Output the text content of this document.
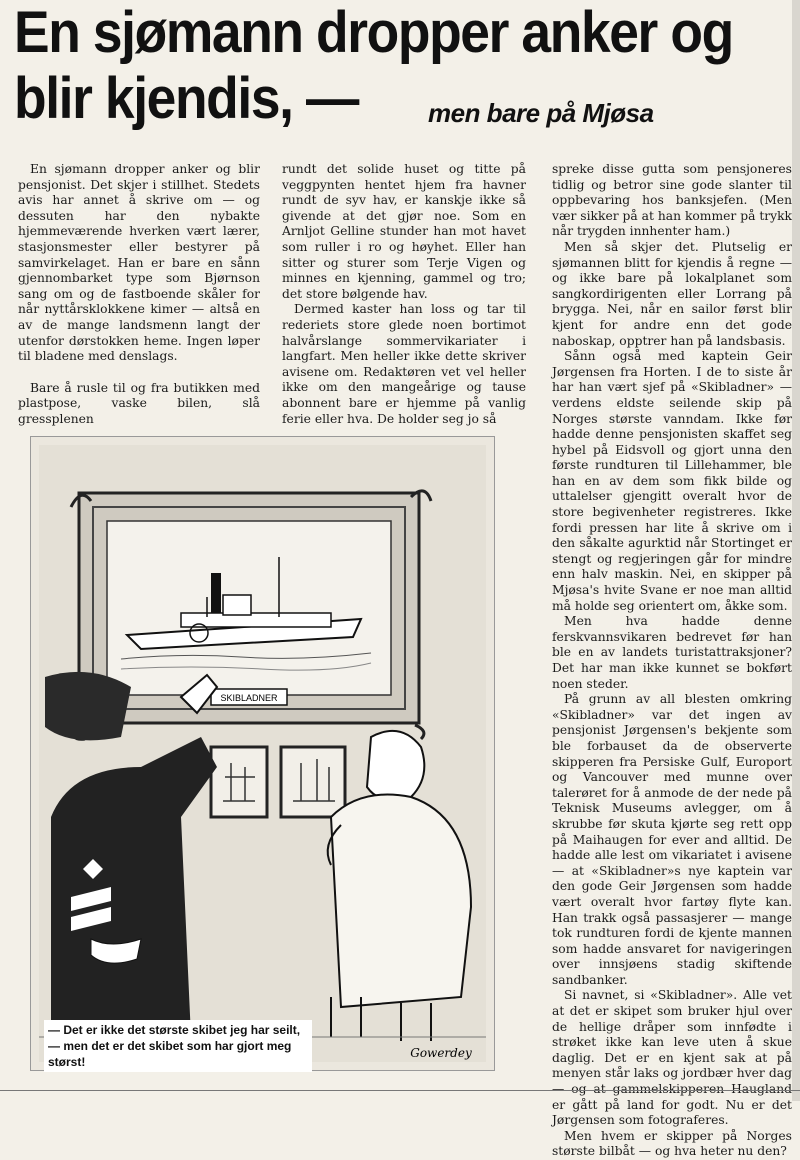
En sjømann dropper anker og
blir kjendis, —	men bare på Mjøsa

En sjømann dropper anker og blir pensjonist. Det skjer i stillhet. Stedets avis har annet å skrive om — og dessuten har den nybakte hjemmeværende hverken vært lærer, stasjonsmester eller bestyrer på samvirkelaget. Han er bare en sånn gjennombarket type som Bjørnson sang om og de fastboende skåler for når nyttårsklokkene kimer — altså en av de mange landsmenn langt der utenfor dørstokken heme. Ingen løper til bladene med denslags.

Bare å rusle til og fra butikken med plastpose, vaske bilen, slå gressplenen

rundt det solide huset og titte på veggpynten hentet hjem fra havner rundt de syv hav, er kanskje ikke så givende at det gjør noe. Som en Arnljot Gelline stunder han mot havet som ruller i ro og høyhet. Eller han sitter og sturer som Terje Vigen og minnes en kjenning, gammel og tro; det store bølgende hav.

Dermed kaster han loss og tar til rederiets store glede noen bortimot halvårslange sommervikariater i langfart. Men heller ikke dette skriver avisene om. Redaktøren vet vel heller ikke om den mangeårige og tause abonnent bare er hjemme på vanlig ferie eller hva. De holder seg jo så

spreke disse gutta som pensjoneres tidlig og betror sine gode slanter til oppbevaring hos banksjefen. (Men vær sikker på at han kommer på trykk når trygden innhenter ham.)

Men så skjer det. Plutselig er sjømannen blitt for kjendis å regne — og ikke bare på lokalplanet som sangkordirigenten eller Lorrang på brygga. Nei, når en sailor først blir kjent for andre enn det gode naboskap, opptrer han på landsbasis.

Sånn også med kaptein Geir Jørgensen fra Horten. I de to siste år har han vært sjef på «Skibladner» — verdens eldste seilende skip på Norges største vanndam. Ikke før hadde denne pensjonisten skaffet seg hybel på Eidsvoll og gjort unna den første rundturen til Lillehammer, ble han en av dem som fikk bilde og uttalelser gjengitt overalt hvor de store begivenheter registreres. Ikke fordi pressen har lite å skrive om i den såkalte agurktid når Stortinget er stengt og regjeringen går for mindre enn halv maskin. Nei, en skipper på Mjøsa's hvite Svane er noe man alltid må holde seg orientert om, åkke som.

Men hva hadde denne ferskvannsvikaren bedrevet før han ble en av landets turistattraksjoner? Det har man ikke kunnet se bokført noen steder.

På grunn av all blesten omkring «Skibladner» var det ingen av pensjonist Jørgensen's bekjente som ble forbauset da de observerte skipperen fra Persiske Gulf, Europort og Vancouver med munne over talerøret for å anmode de der nede på Teknisk Museums avlegger, om å skrubbe før skuta kjørte seg rett opp på Maihaugen for ever and alltid. De hadde alle lest om vikariatet i avisene — at «Skibladner»s nye kaptein var den gode Geir Jørgensen som hadde vært overalt hvor fartøy flyte kan. Han trakk også passasjerer — mange tok rundturen fordi de kjente mannen som hadde ansvaret for navigeringen over innsjøens stadig skiftende sandbanker.

Si navnet, si «Skibladner». Alle vet at det er skipet som bruker hjul over de hellige dråper som innfødte i strøket ikke kan leve uten å skue daglig. Det er en kjent sak at på menyen står laks og jordbær hver dag er gått på land for godt. Nu er det Jørgensen som fotograferes.

Men hvem er skipper på Norges største bilbåt — og hva heter nu den?

SKIBLADNER
Gowerdey
— Det er ikke det største skibet jeg har seilt, — men det er det skibet som har gjort meg størst!
